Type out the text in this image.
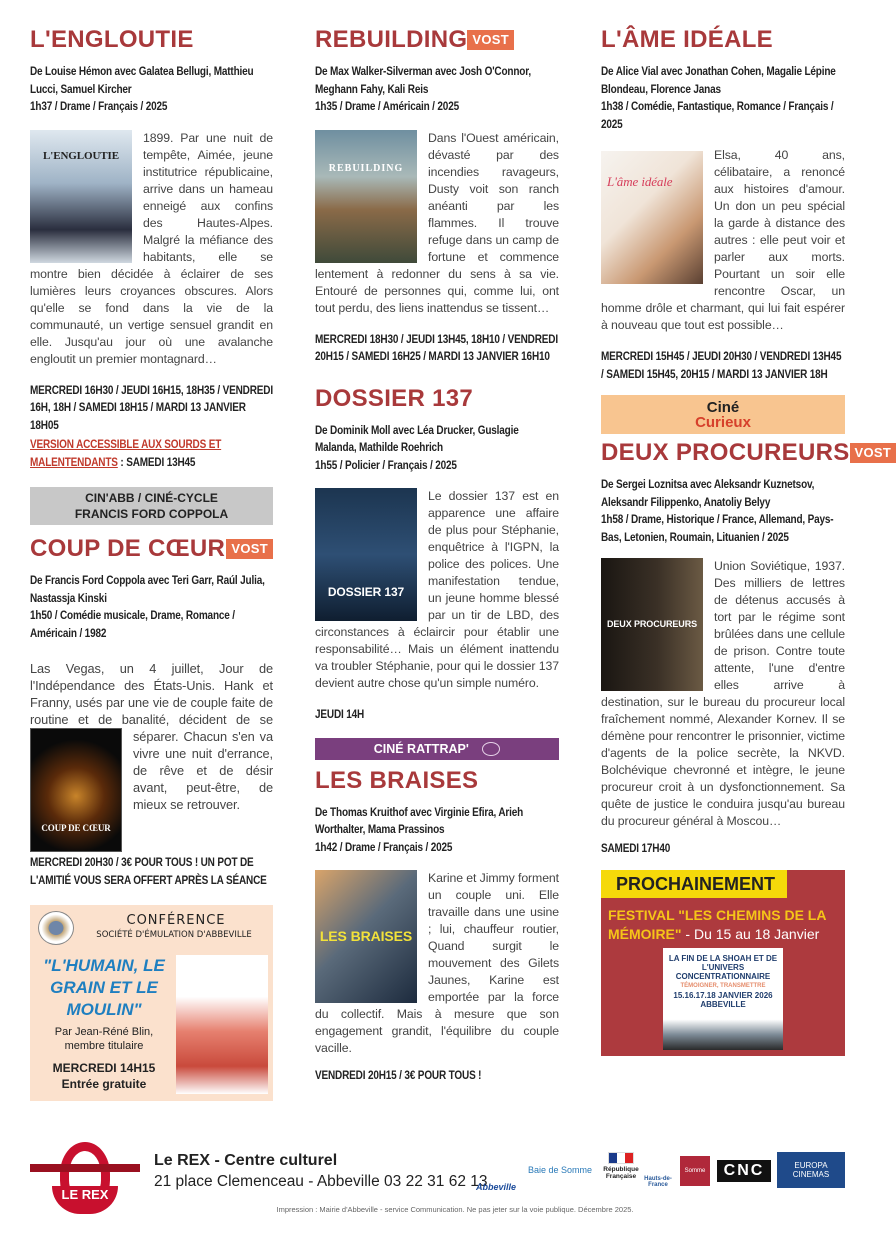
L'ENGLOUTIE
De Louise Hémon avec Galatea Bellugi, Matthieu Lucci, Samuel Kircher
1h37 / Drame / Français / 2025
L'ENGLOUTIE
1899. Par une nuit de tempête, Aimée, jeune institutrice républicaine, arrive dans un hameau enneigé aux confins des Hautes-Alpes. Malgré la méfiance des habitants, elle se montre bien décidée à éclairer de ses lumières leurs croyances obscures. Alors qu'elle se fond dans la vie de la communauté, un vertige sensuel grandit en elle. Jusqu'au jour où une avalanche engloutit un premier montagnard…
MERCREDI 16H30 / JEUDI 16H15, 18H35 / VENDREDI 16H, 18H / SAMEDI 18H15 / MARDI 13 JANVIER 18H05
VERSION ACCESSIBLE AUX SOURDS ET MALENTENDANTS : SAMEDI 13H45
CIN'ABB / CINÉ-CYCLE
FRANCIS FORD COPPOLA
COUP DE CŒUR VOST
De Francis Ford Coppola avec Teri Garr, Raúl Julia, Nastassja Kinski
1h50 / Comédie musicale, Drame, Romance / Américain / 1982
COUP DE CŒUR
Las Vegas, un 4 juillet, Jour de l'Indépendance des États-Unis. Hank et Franny, usés par une vie de couple faite de routine et de banalité, décident de se séparer. Chacun s'en va vivre une nuit d'errance, de rêve et de désir avant, peut-être, de mieux se retrouver.
MERCREDI 20H30 / 3€ POUR TOUS ! UN POT DE L'AMITIÉ VOUS SERA OFFERT APRÈS LA SÉANCE
CONFÉRENCE
SOCIÉTÉ D'ÉMULATION D'ABBEVILLE
"L'HUMAIN, LE GRAIN ET LE MOULIN"
Par Jean-Réné Blin, membre titulaire
MERCREDI 14H15
Entrée gratuite
REBUILDING VOST
De Max Walker-Silverman avec Josh O'Connor, Meghann Fahy, Kali Reis
1h35 / Drame / Américain / 2025
REBUILDING
Dans l'Ouest américain, dévasté par des incendies ravageurs, Dusty voit son ranch anéanti par les flammes. Il trouve refuge dans un camp de fortune et commence lentement à redonner du sens à sa vie. Entouré de personnes qui, comme lui, ont tout perdu, des liens inattendus se tissent…
MERCREDI 18H30 / JEUDI 13H45, 18H10 / VENDREDI 20H15 / SAMEDI 16H25 / MARDI 13 JANVIER 16H10
DOSSIER 137
De Dominik Moll avec Léa Drucker, Guslagie Malanda, Mathilde Roehrich
1h55 / Policier / Français / 2025
DOSSIER 137
Le dossier 137 est en apparence une affaire de plus pour Stéphanie, enquêtrice à l'IGPN, la police des polices. Une manifestation tendue, un jeune homme blessé par un tir de LBD, des circonstances à éclaircir pour établir une responsabilité… Mais un élément inattendu va troubler Stéphanie, pour qui le dossier 137 devient autre chose qu'un simple numéro.
JEUDI 14H
CINÉ RATTRAP'
LES BRAISES
De Thomas Kruithof avec Virginie Efira, Arieh Worthalter, Mama Prassinos
1h42 / Drame / Français / 2025
LES BRAISES
Karine et Jimmy forment un couple uni. Elle travaille dans une usine ; lui, chauffeur routier, Quand surgit le mouvement des Gilets Jaunes, Karine est emportée par la force du collectif. Mais à mesure que son engagement grandit, l'équilibre du couple vacille.
VENDREDI 20H15 / 3€ POUR TOUS !
L'ÂME IDÉALE
De Alice Vial avec Jonathan Cohen, Magalie Lépine Blondeau, Florence Janas
1h38 / Comédie, Fantastique, Romance / Français / 2025
L'âme idéale
Elsa, 40 ans, célibataire, a renoncé aux histoires d'amour. Un don un peu spécial la garde à distance des autres : elle peut voir et parler aux morts. Pourtant un soir elle rencontre Oscar, un homme drôle et charmant, qui lui fait espérer à nouveau que tout est possible…
MERCREDI 15H45 / JEUDI 20H30 / VENDREDI 13H45 / SAMEDI 15H45, 20H15 / MARDI 13 JANVIER 18H
Ciné
Curieux
DEUX PROCUREURS VOST
De Sergei Loznitsa avec Aleksandr Kuznetsov, Aleksandr Filippenko, Anatoliy Belyy
1h58 / Drame, Historique / France, Allemand, Pays-Bas, Letonien, Roumain, Lituanien / 2025
DEUX PROCUREURS
Union Soviétique, 1937. Des milliers de lettres de détenus accusés à tort par le régime sont brûlées dans une cellule de prison. Contre toute attente, l'une d'entre elles arrive à destination, sur le bureau du procureur local fraîchement nommé, Alexander Kornev. Il se démène pour rencontrer le prisonnier, victime d'agents de la police secrète, la NKVD. Bolchévique chevronné et intègre, le jeune procureur croit à un dysfonctionnement. Sa quête de justice le conduira jusqu'au bureau du procureur général à Moscou…
SAMEDI 17H40
PROCHAINEMENT
FESTIVAL "LES CHEMINS DE LA MÉMOIRE" - Du 15 au 18 Janvier
LA FIN DE LA SHOAH ET DE L'UNIVERS CONCENTRATIONNAIRE
TÉMOIGNER, TRANSMETTRE
15.16.17.18 JANVIER 2026 ABBEVILLE
LE REX
Le REX - Centre culturel
21 place Clemenceau - Abbeville 03 22 31 62 13
Abbeville
Baie de Somme	République Française	Hauts-de-France
Somme	CNC	EUROPA CINEMAS
Impression : Mairie d'Abbeville - service Communication. Ne pas jeter sur la voie publique. Décembre 2025.
